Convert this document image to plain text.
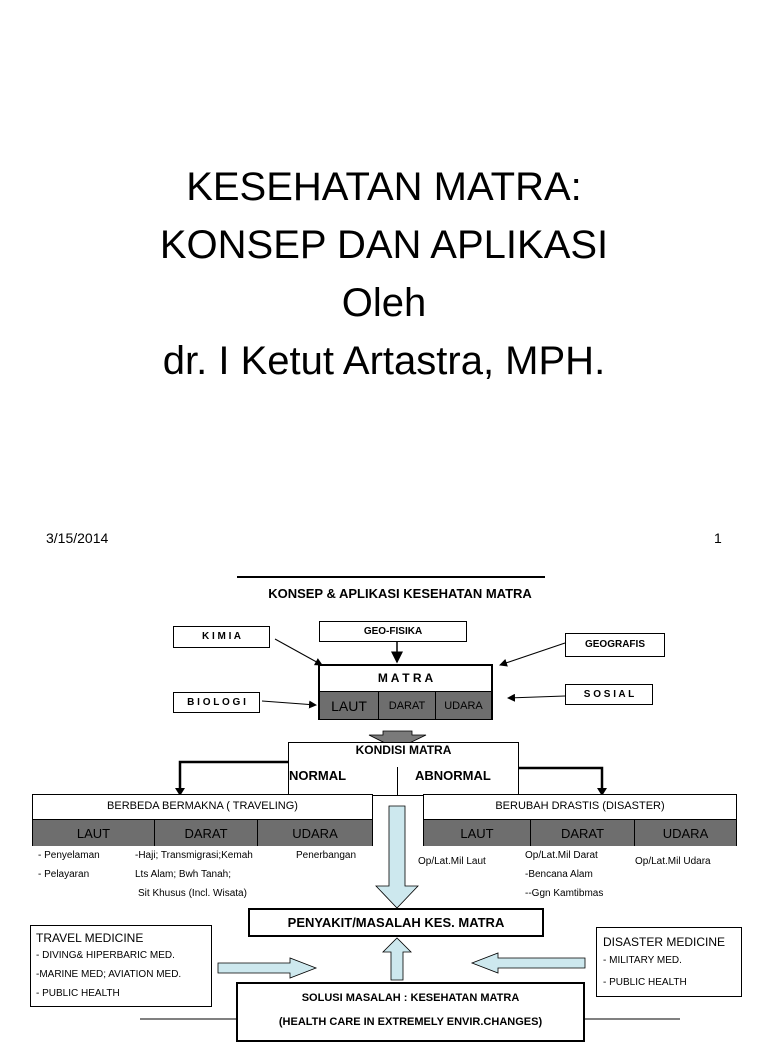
KESEHATAN MATRA:
KONSEP DAN APLIKASI
Oleh
dr. I Ketut Artastra, MPH.
3/15/2014	1
KONSEP & APLIKASI KESEHATAN MATRA
K I M I A	GEO-FISIKA
GEOGRAFIS
B I O L O G I
S O S I A L
M A T R A
LAUT	DARAT	UDARA
KONDISI MATRA
NORMAL	ABNORMAL
BERBEDA BERMAKNA ( TRAVELING)
LAUT	DARAT	UDARA
BERUBAH DRASTIS (DISASTER)
LAUT	DARAT	UDARA
- Penyelaman
- Pelayaran
-Haji; Transmigrasi;Kemah
Lts Alam; Bwh Tanah;
Sit Khusus (Incl. Wisata)
Penerbangan
Op/Lat.Mil Laut
Op/Lat.Mil Darat
-Bencana Alam
--Ggn Kamtibmas
Op/Lat.Mil Udara
PENYAKIT/MASALAH KES. MATRA
TRAVEL MEDICINE
- DIVING& HIPERBARIC MED.
-MARINE MED; AVIATION MED.
- PUBLIC HEALTH
DISASTER MEDICINE
- MILITARY MED.
- PUBLIC HEALTH
SOLUSI MASALAH : KESEHATAN MATRA
(HEALTH CARE IN EXTREMELY ENVIR.CHANGES)
